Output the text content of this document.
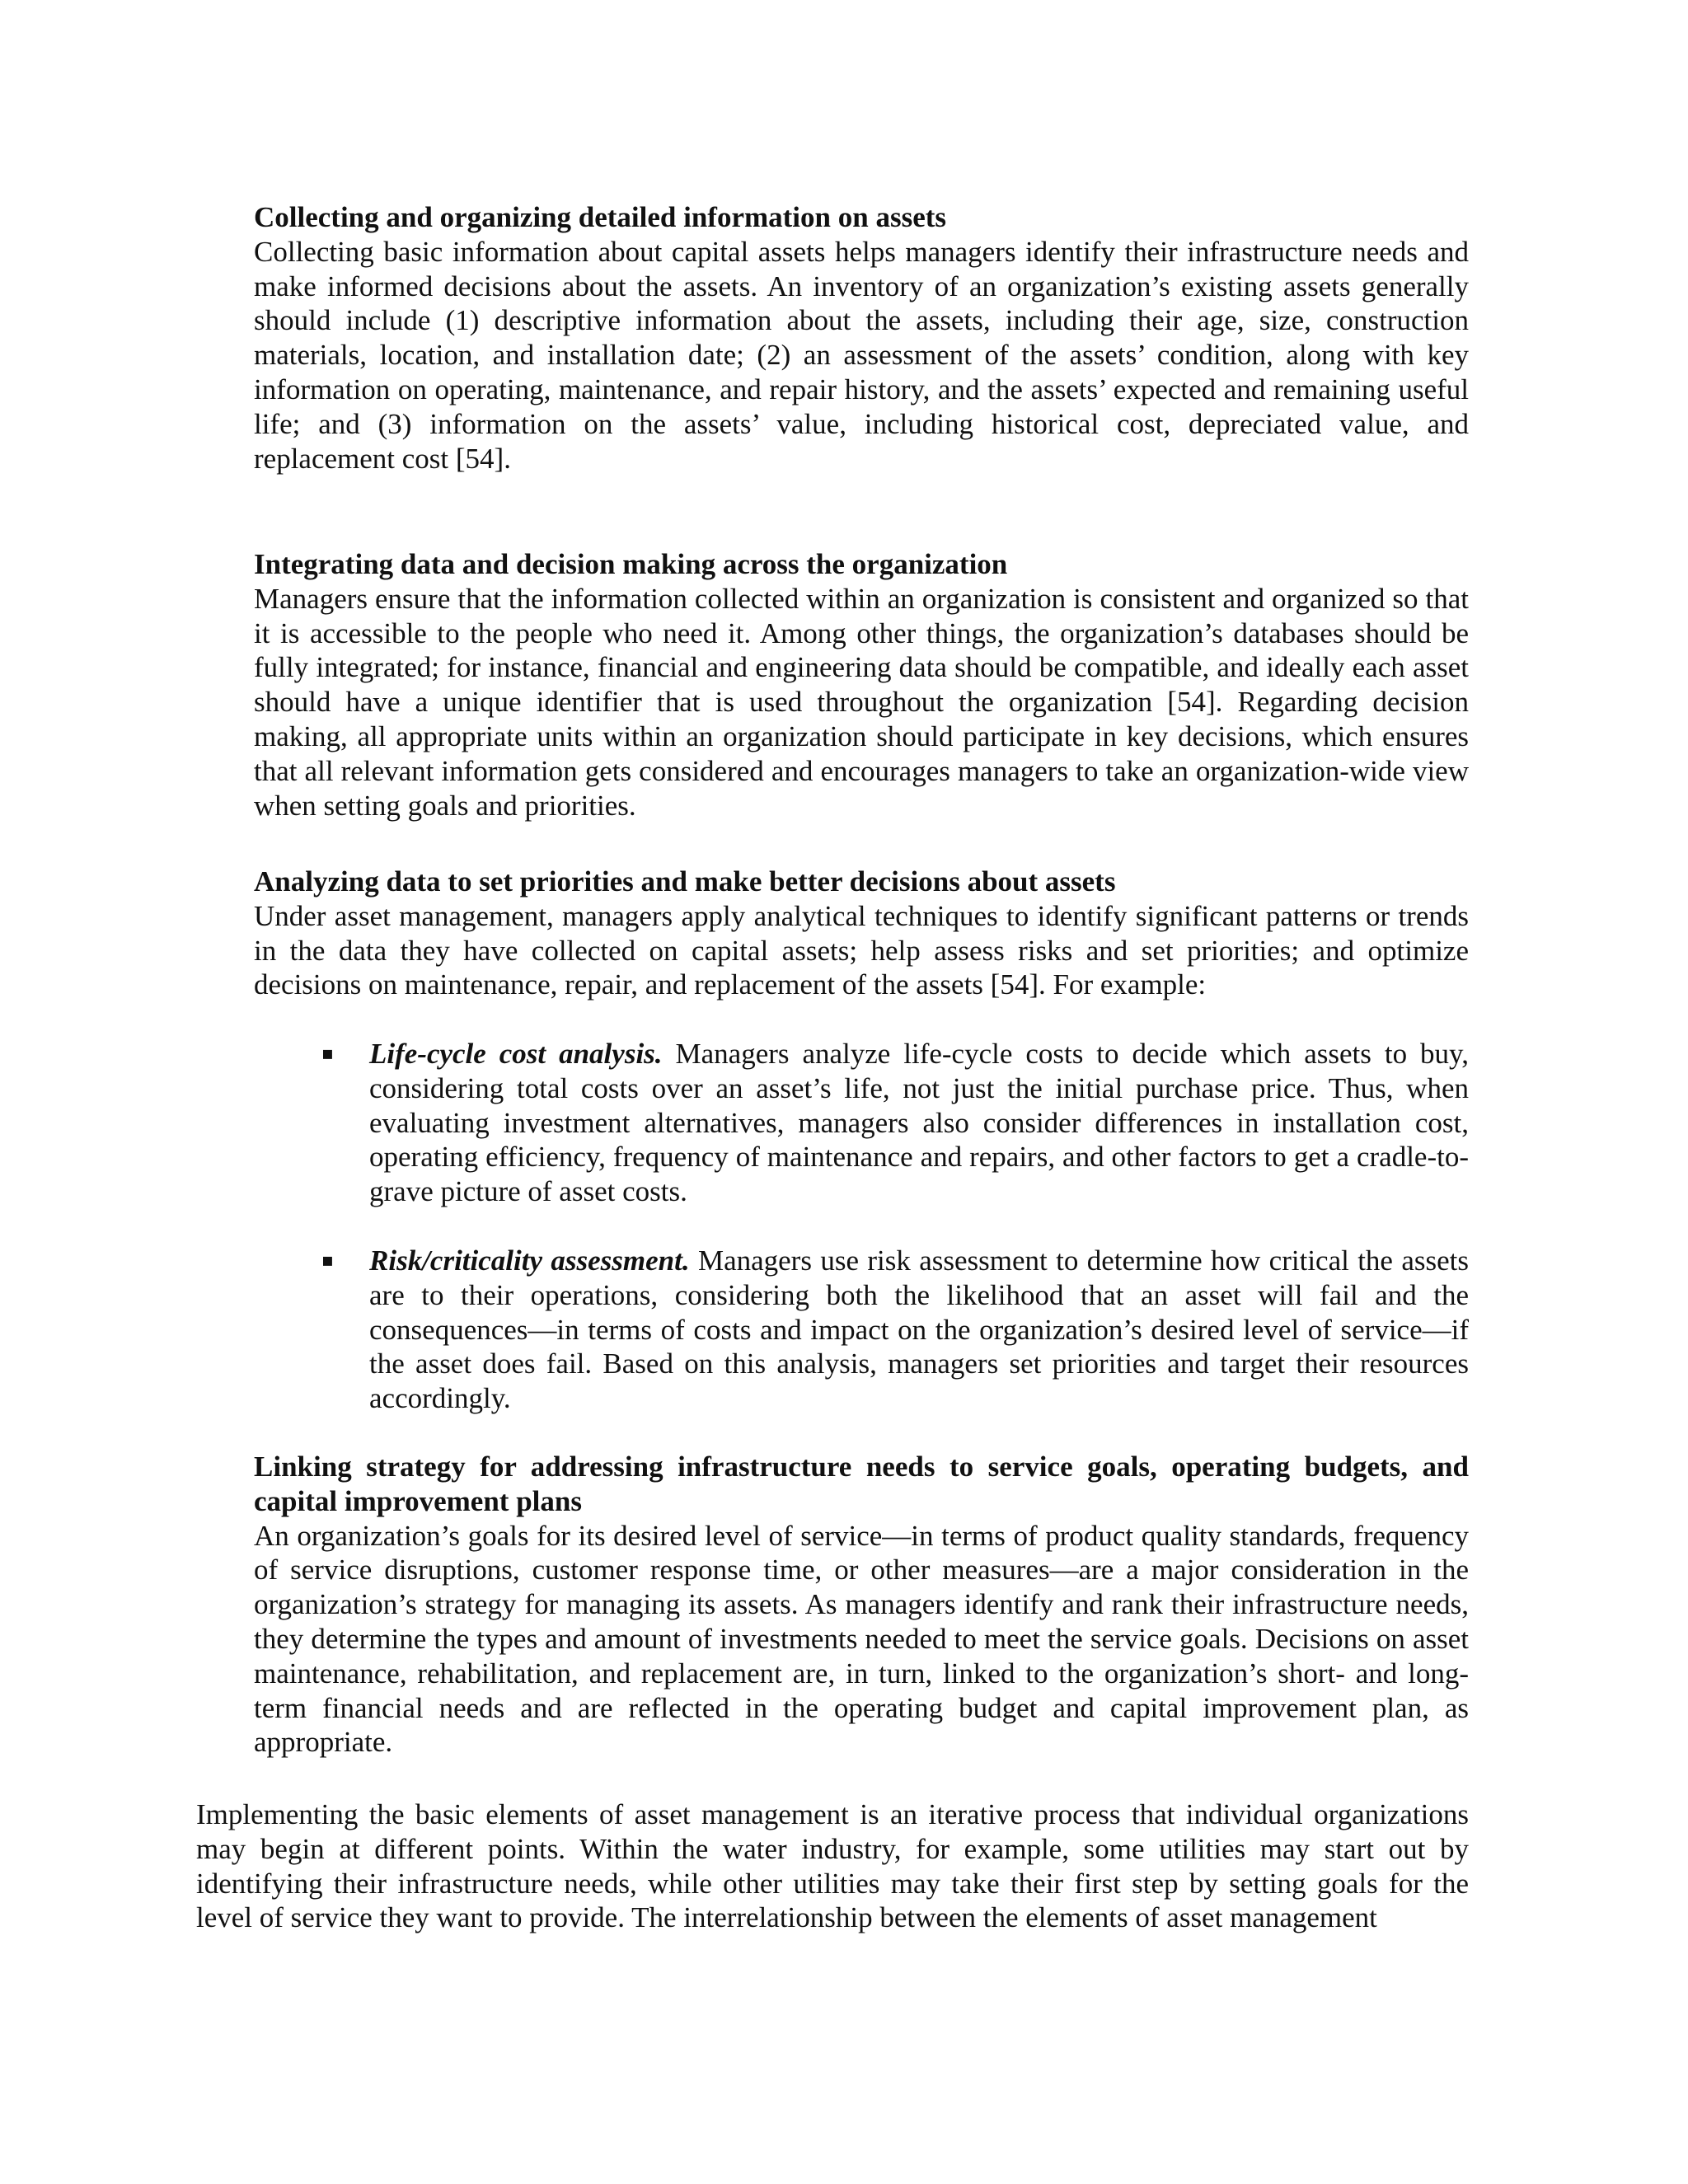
Collecting and organizing detailed information on assets

Collecting basic information about capital assets helps managers identify their infrastructure needs and make informed decisions about the assets. An inventory of an organization’s existing assets generally should include (1) descriptive information about the assets, including their age, size, construction materials, location, and installation date; (2) an assessment of the assets’ condition, along with key information on operating, maintenance, and repair history, and the assets’ expected and remaining useful life; and (3) information on the assets’ value, including historical cost, depreciated value, and replacement cost [54].

Integrating data and decision making across the organization

Managers ensure that the information collected within an organization is consistent and organized so that it is accessible to the people who need it. Among other things, the organization’s databases should be fully integrated; for instance, financial and engineering data should be compatible, and ideally each asset should have a unique identifier that is used throughout the organization [54]. Regarding decision making, all appropriate units within an organization should participate in key decisions, which ensures that all relevant information gets considered and encourages managers to take an organization-wide view when setting goals and priorities.

Analyzing data to set priorities and make better decisions about assets

Under asset management, managers apply analytical techniques to identify significant patterns or trends in the data they have collected on capital assets; help assess risks and set priorities; and optimize decisions on maintenance, repair, and replacement of the assets [54]. For example:

▪ Life-cycle cost analysis. Managers analyze life-cycle costs to decide which assets to buy, considering total costs over an asset’s life, not just the initial purchase price. Thus, when evaluating investment alternatives, managers also consider differences in installation cost, operating efficiency, frequency of maintenance and repairs, and other factors to get a cradle-to-grave picture of asset costs.
▪ Risk/criticality assessment. Managers use risk assessment to determine how critical the assets are to their operations, considering both the likelihood that an asset will fail and the consequences—in terms of costs and impact on the organization’s desired level of service—if the asset does fail. Based on this analysis, managers set priorities and target their resources accordingly.

Linking strategy for addressing infrastructure needs to service goals, operating budgets, and capital improvement plans

An organization’s goals for its desired level of service—in terms of product quality standards, frequency of service disruptions, customer response time, or other measures—are a major consideration in the organization’s strategy for managing its assets. As managers identify and rank their infrastructure needs, they determine the types and amount of investments needed to meet the service goals. Decisions on asset maintenance, rehabilitation, and replacement are, in turn, linked to the organization’s short- and long-term financial needs and are reflected in the operating budget and capital improvement plan, as appropriate.

Implementing the basic elements of asset management is an iterative process that individual organizations may begin at different points. Within the water industry, for example, some utilities may start out by identifying their infrastructure needs, while other utilities may take their first step by setting goals for the level of service they want to provide. The interrelationship between the elements of asset management
